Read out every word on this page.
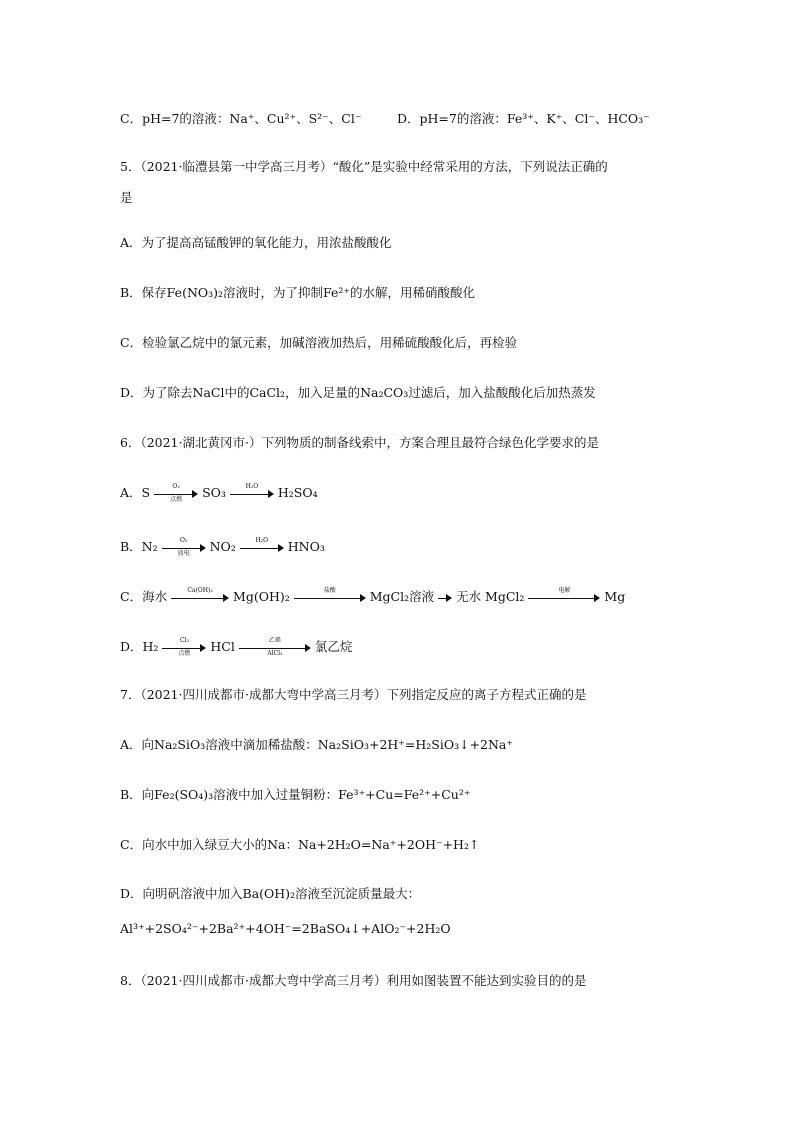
C．pH=7的溶液：Na⁺、Cu²⁺、S²⁻、Cl⁻	D．pH=7的溶液：Fe³⁺、K⁺、Cl⁻、HCO₃⁻
5．（2021·临澧县第一中学高三月考）“酸化”是实验中经常采用的方法，下列说法正确的
是
A．为了提高高锰酸钾的氧化能力，用浓盐酸酸化
B．保存Fe(NO₃)₂溶液时，为了抑制Fe²⁺的水解，用稀硝酸酸化
C．检验氯乙烷中的氯元素，加碱溶液加热后，用稀硫酸酸化后，再检验
D．为了除去NaCl中的CaCl₂，加入足量的Na₂CO₃过滤后，加入盐酸酸化后加热蒸发
6．（2021·湖北黄冈市·）下列物质的制备线索中，方案合理且最符合绿色化学要求的是
A．S	O₂
点燃	SO₃	H₂O	H₂SO₄
B．N₂	O₂
放电	NO₂	H₂O	HNO₃
C．海水	Ca(OH)₂	Mg(OH)₂	盐酸	MgCl₂溶液 无水 MgCl₂	电解	Mg
D．H₂	Cl₂
点燃	HCl	乙烯
AlCl₃	氯乙烷
7．（2021·四川成都市·成都大弯中学高三月考）下列指定反应的离子方程式正确的是
A．向Na₂SiO₃溶液中滴加稀盐酸：Na₂SiO₃+2H⁺=H₂SiO₃↓+2Na⁺
B．向Fe₂(SO₄)₃溶液中加入过量铜粉：Fe³⁺+Cu=Fe²⁺+Cu²⁺
C．向水中加入绿豆大小的Na：Na+2H₂O=Na⁺+2OH⁻+H₂↑
D．向明矾溶液中加入Ba(OH)₂溶液至沉淀质量最大：
Al³⁺+2SO₄²⁻+2Ba²⁺+4OH⁻=2BaSO₄↓+AlO₂⁻+2H₂O
8．（2021·四川成都市·成都大弯中学高三月考）利用如图装置不能达到实验目的的是
